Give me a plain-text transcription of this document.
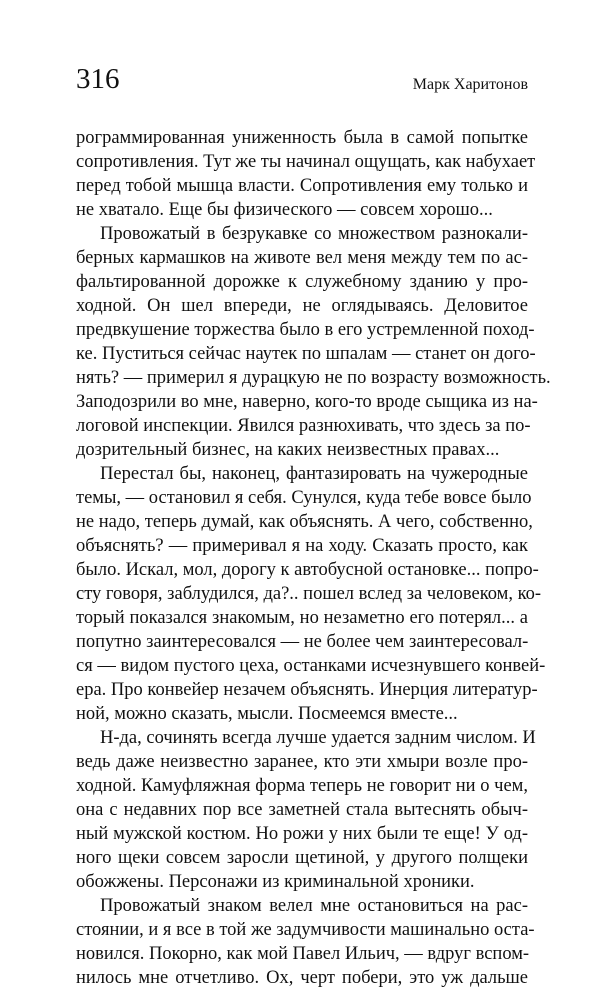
316	Марк Харитонов
рограммированная униженность была в самой попытке
сопротивления. Тут же ты начинал ощущать, как набухает
перед тобой мышца власти. Сопротивления ему только и
не хватало. Еще бы физического — совсем хорошо...
Провожатый в безрукавке со множеством разнокали-
берных кармашков на животе вел меня между тем по ас-
фальтированной дорожке к служебному зданию у про-
ходной. Он шел впереди, не оглядываясь. Деловитое
предвкушение торжества было в его устремленной поход-
ке. Пуститься сейчас наутек по шпалам — станет он дого-
нять? — примерил я дурацкую не по возрасту возможность.
Заподозрили во мне, наверно, кого-то вроде сыщика из на-
логовой инспекции. Явился разнюхивать, что здесь за по-
дозрительный бизнес, на каких неизвестных правах...
Перестал бы, наконец, фантазировать на чужеродные
темы, — остановил я себя. Сунулся, куда тебе вовсе было
не надо, теперь думай, как объяснять. А чего, собственно,
объяснять? — примеривал я на ходу. Сказать просто, как
было. Искал, мол, дорогу к автобусной остановке... попро-
сту говоря, заблудился, да?.. пошел вслед за человеком, ко-
торый показался знакомым, но незаметно его потерял... а
попутно заинтересовался — не более чем заинтересовал-
ся — видом пустого цеха, останками исчезнувшего конвей-
ера. Про конвейер незачем объяснять. Инерция литератур-
ной, можно сказать, мысли. Посмеемся вместе...
Н-да, сочинять всегда лучше удается задним числом. И
ведь даже неизвестно заранее, кто эти хмыри возле про-
ходной. Камуфляжная форма теперь не говорит ни о чем,
она с недавних пор все заметней стала вытеснять обыч-
ный мужской костюм. Но рожи у них были те еще! У од-
ного щеки совсем заросли щетиной, у другого полщеки
обожжены. Персонажи из криминальной хроники.
Провожатый знаком велел мне остановиться на рас-
стоянии, и я все в той же задумчивости машинально оста-
новился. Покорно, как мой Павел Ильич, — вдруг вспом-
нилось мне отчетливо. Ох, черт побери, это уж дальше
